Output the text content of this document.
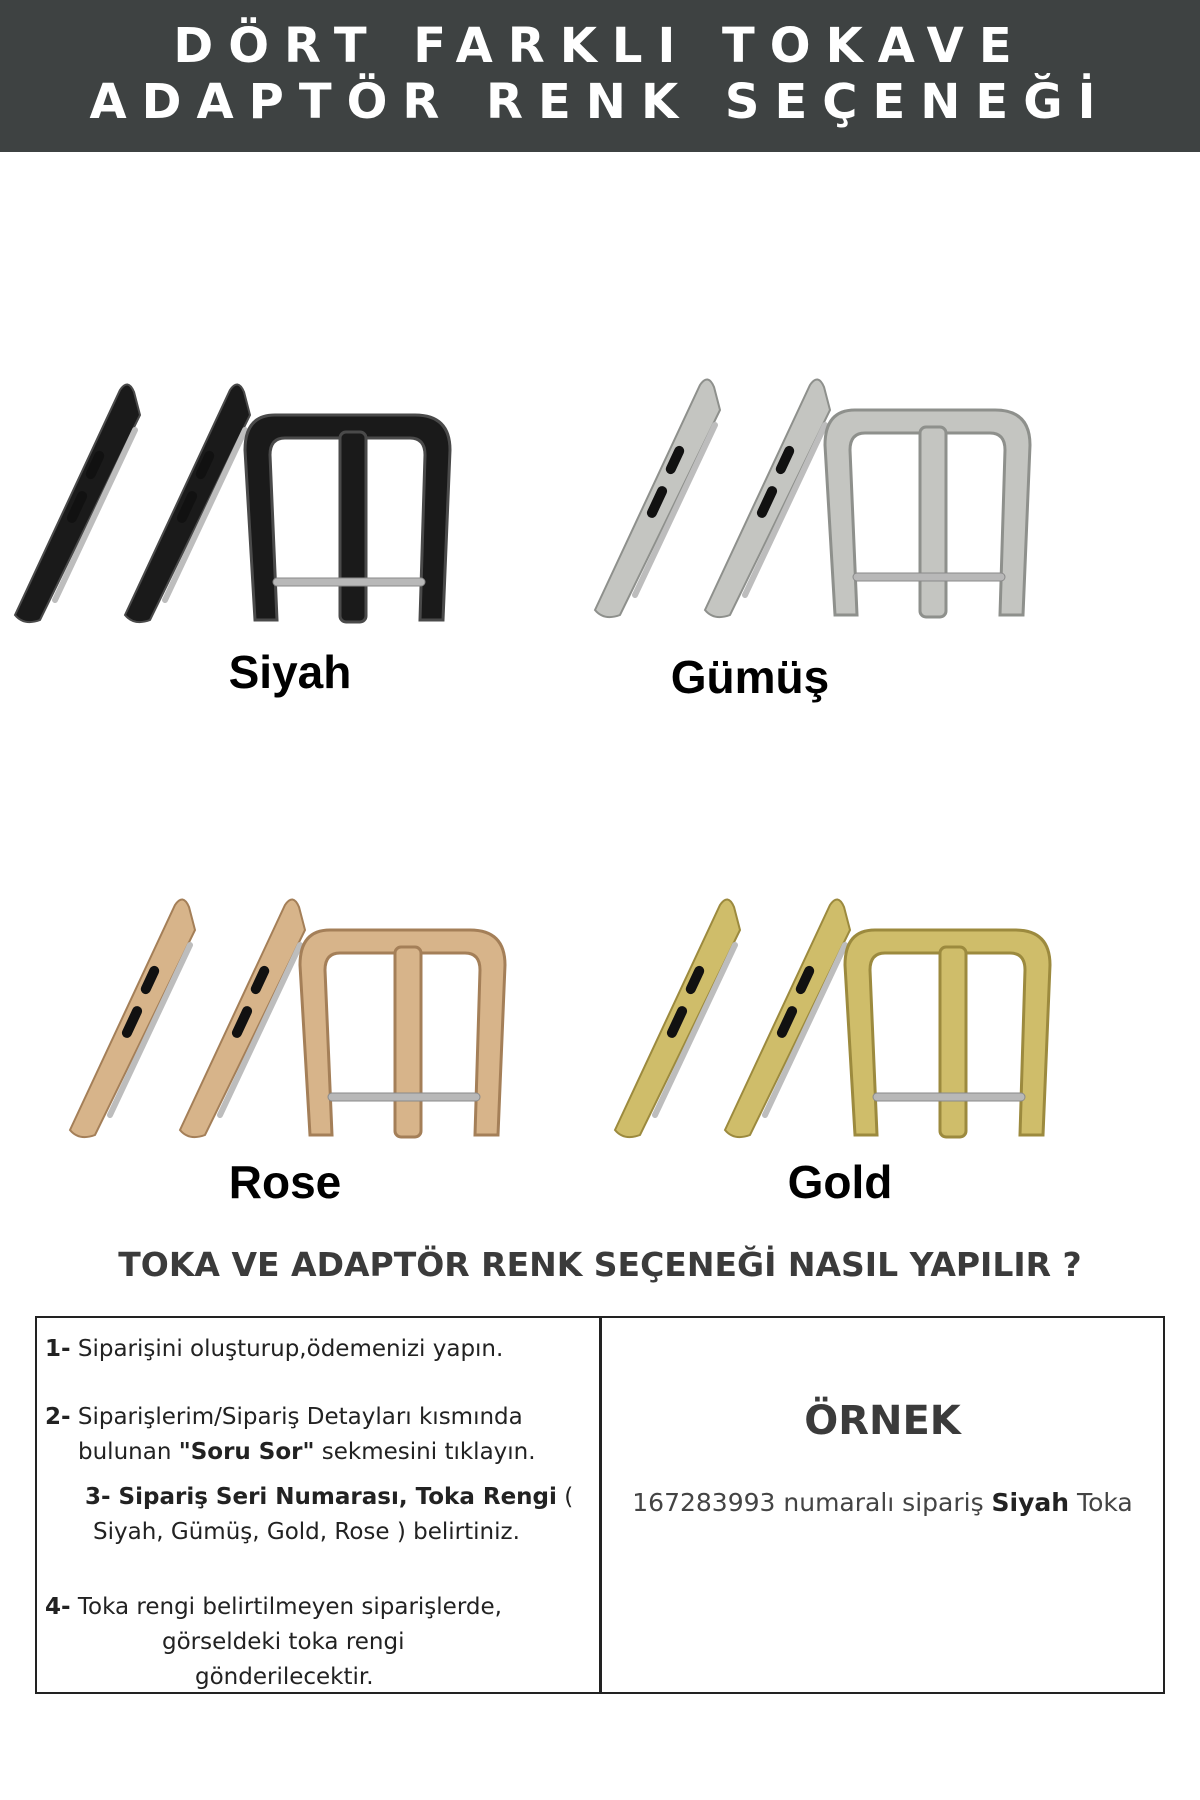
DÖRT FARKLI TOKAVE
ADAPTÖR RENK SEÇENEĞİ
Siyah	Gümüş
Rose	Gold
TOKA VE ADAPTÖR RENK SEÇENEĞİ NASIL YAPILIR ?
1- Siparişini oluşturup,ödemenizi yapın.
2- Siparişlerim/Sipariş Detayları kısmında
bulunan "Soru Sor" sekmesini tıklayın.
3- Sipariş Seri Numarası, Toka Rengi (
Siyah, Gümüş, Gold, Rose ) belirtiniz.
4- Toka rengi belirtilmeyen siparişlerde,
görseldeki toka rengi
gönderilecektir.
ÖRNEK
167283993 numaralı sipariş Siyah Toka
